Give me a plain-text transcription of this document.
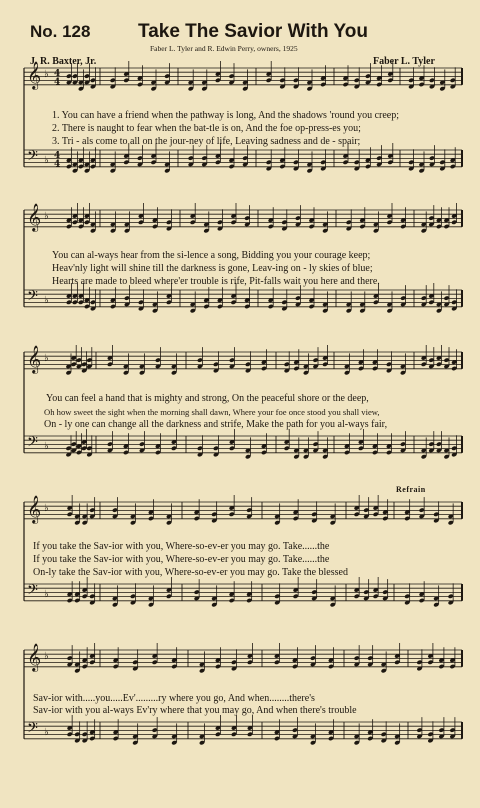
No. 128	Take The Savior With You
Faber L. Tyler and R. Edwin Perry, owners, 1925
J. R. Baxter, Jr.	Faber L. Tyler
Refrain
1. You can have a friend when the pathway is long, And the shadows 'round you creep;
2. There is naught to fear when the bat-tle is on, And the foe op-press-es you;
3. Tri - als come to all on the jour-ney of life, Leaving sadness and de - spair;
You can al-ways hear from the si-lence a song, Bidding you your courage keep;
Heav'nly light will shine till the darkness is gone, Leav-ing on - ly skies of blue;
Hearts are made to bleed where'er trouble is rife, Pit-falls wait you here and there.
You can feel a hand that is mighty and strong, On the peaceful shore or the deep,
Oh how sweet the sight when the morning shall dawn, Where your foe once stood you shall view,
On - ly one can change all the darkness and strife, Make the path for you al-ways fair,
If you take the Sav-ior with you, Where-so-ev-er you may go. Take......the
If you take the Sav-ior with you, Where-so-ev-er you may go. Take......the
On-ly take the Sav-ior with you, Where-so-ev-er you may go. Take the blessed
Sav-ior with.....you.....Ev'.........ry where you go, And when........there's
Sav-ior with you al-ways Ev'ry where that you may go, And when there's trouble
𝄞
𝄢
♭
♭
4
4
4
4
𝄞
𝄢
♭
♭
𝄞
𝄢
♭
♭
𝄞
𝄢
♭
♭
𝄞
𝄢
♭
♭
